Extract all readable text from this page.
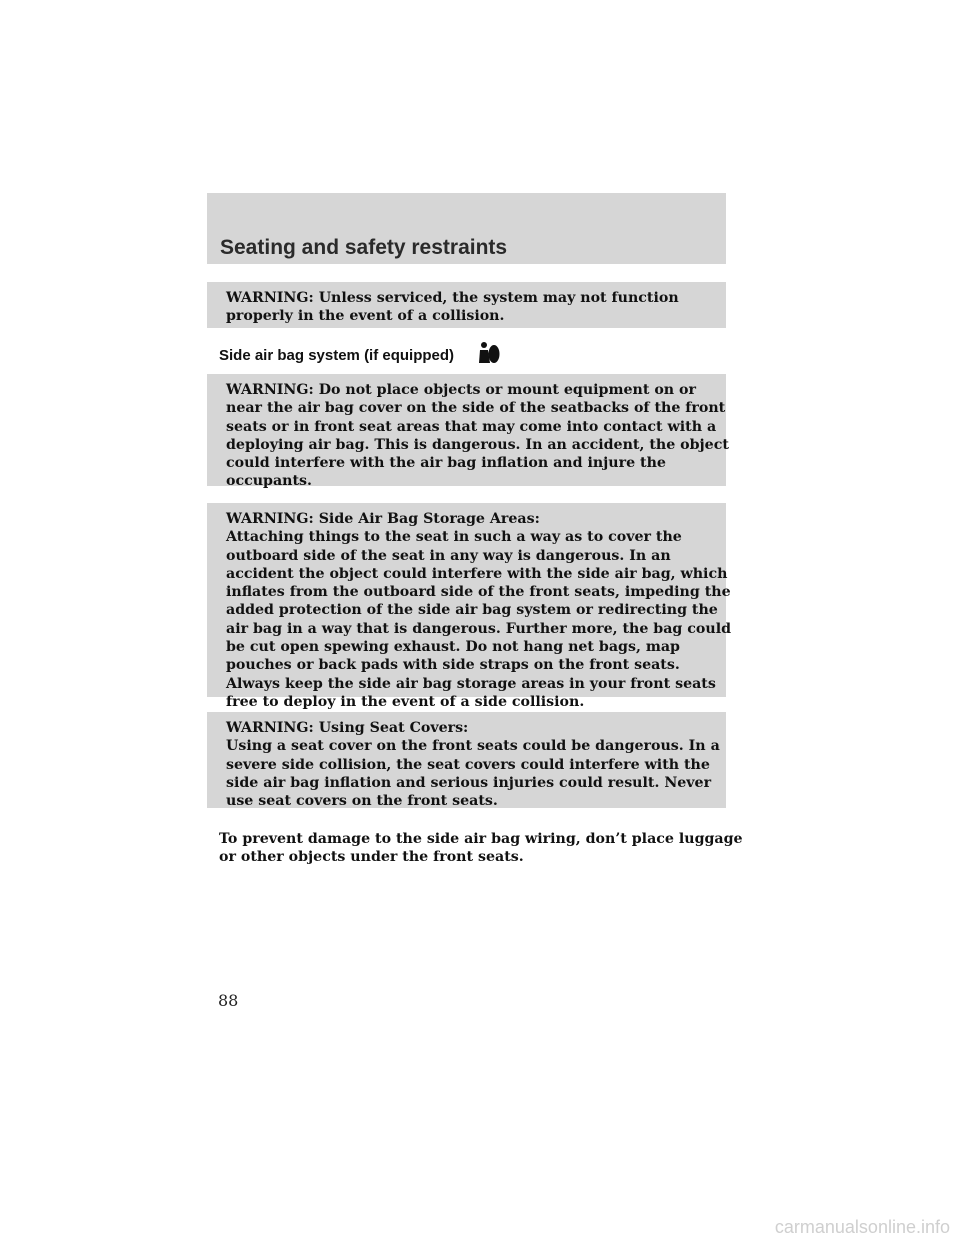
Seating and safety restraints
WARNING: Unless serviced, the system may not function
properly in the event of a collision.
Side air bag system (if equipped)
WARNING: Do not place objects or mount equipment on or
near the air bag cover on the side of the seatbacks of the front
seats or in front seat areas that may come into contact with a
deploying air bag. This is dangerous. In an accident, the object
could interfere with the air bag inflation and injure the
occupants.
WARNING: Side Air Bag Storage Areas:
Attaching things to the seat in such a way as to cover the
outboard side of the seat in any way is dangerous. In an
accident the object could interfere with the side air bag, which
inflates from the outboard side of the front seats, impeding the
added protection of the side air bag system or redirecting the
air bag in a way that is dangerous. Further more, the bag could
be cut open spewing exhaust. Do not hang net bags, map
pouches or back pads with side straps on the front seats.
Always keep the side air bag storage areas in your front seats
free to deploy in the event of a side collision.
WARNING: Using Seat Covers:
Using a seat cover on the front seats could be dangerous. In a
severe side collision, the seat covers could interfere with the
side air bag inflation and serious injuries could result. Never
use seat covers on the front seats.
To prevent damage to the side air bag wiring, don’t place luggage
or other objects under the front seats.
88
carmanualsonline.info
